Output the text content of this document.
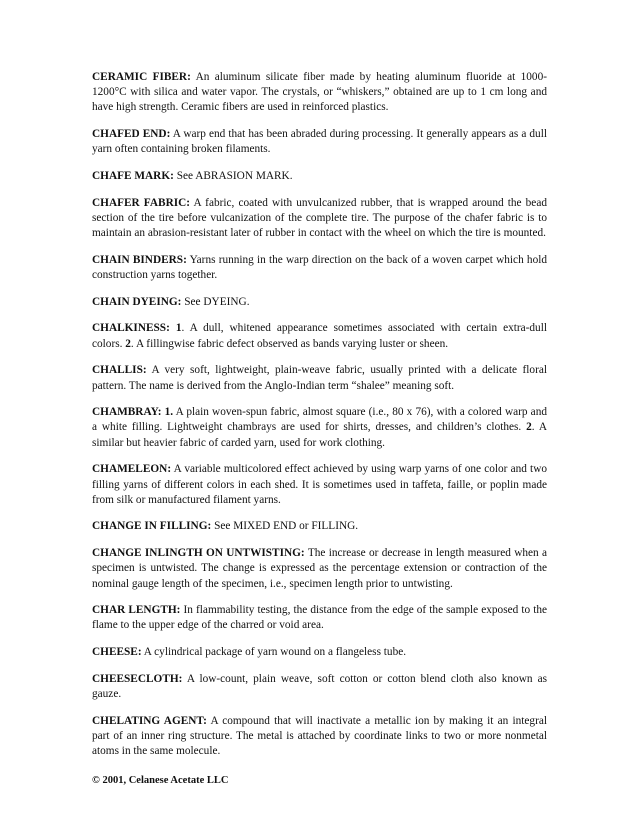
CERAMIC FIBER: An aluminum silicate fiber made by heating aluminum fluoride at 1000-1200°C with silica and water vapor. The crystals, or “whiskers,” obtained are up to 1 cm long and have high strength. Ceramic fibers are used in reinforced plastics.

CHAFED END: A warp end that has been abraded during processing. It generally appears as a dull yarn often containing broken filaments.

CHAFE MARK: See ABRASION MARK.

CHAFER FABRIC: A fabric, coated with unvulcanized rubber, that is wrapped around the bead section of the tire before vulcanization of the complete tire. The purpose of the chafer fabric is to maintain an abrasion-resistant later of rubber in contact with the wheel on which the tire is mounted.

CHAIN BINDERS: Yarns running in the warp direction on the back of a woven carpet which hold construction yarns together.

CHAIN DYEING: See DYEING.

CHALKINESS: 1. A dull, whitened appearance sometimes associated with certain extra-dull colors. 2. A fillingwise fabric defect observed as bands varying luster or sheen.

CHALLIS: A very soft, lightweight, plain-weave fabric, usually printed with a delicate floral pattern. The name is derived from the Anglo-Indian term “shalee” meaning soft.

CHAMBRAY: 1. A plain woven-spun fabric, almost square (i.e., 80 x 76), with a colored warp and a white filling. Lightweight chambrays are used for shirts, dresses, and children’s clothes. 2. A similar but heavier fabric of carded yarn, used for work clothing.

CHAMELEON: A variable multicolored effect achieved by using warp yarns of one color and two filling yarns of different colors in each shed. It is sometimes used in taffeta, faille, or poplin made from silk or manufactured filament yarns.

CHANGE IN FILLING: See MIXED END or FILLING.

CHANGE INLINGTH ON UNTWISTING: The increase or decrease in length measured when a specimen is untwisted. The change is expressed as the percentage extension or contraction of the nominal gauge length of the specimen, i.e., specimen length prior to untwisting.

CHAR LENGTH: In flammability testing, the distance from the edge of the sample exposed to the flame to the upper edge of the charred or void area.

CHEESE: A cylindrical package of yarn wound on a flangeless tube.

CHEESECLOTH: A low-count, plain weave, soft cotton or cotton blend cloth also known as gauze.

CHELATING AGENT: A compound that will inactivate a metallic ion by making it an integral part of an inner ring structure. The metal is attached by coordinate links to two or more nonmetal atoms in the same molecule.

© 2001, Celanese Acetate LLC
